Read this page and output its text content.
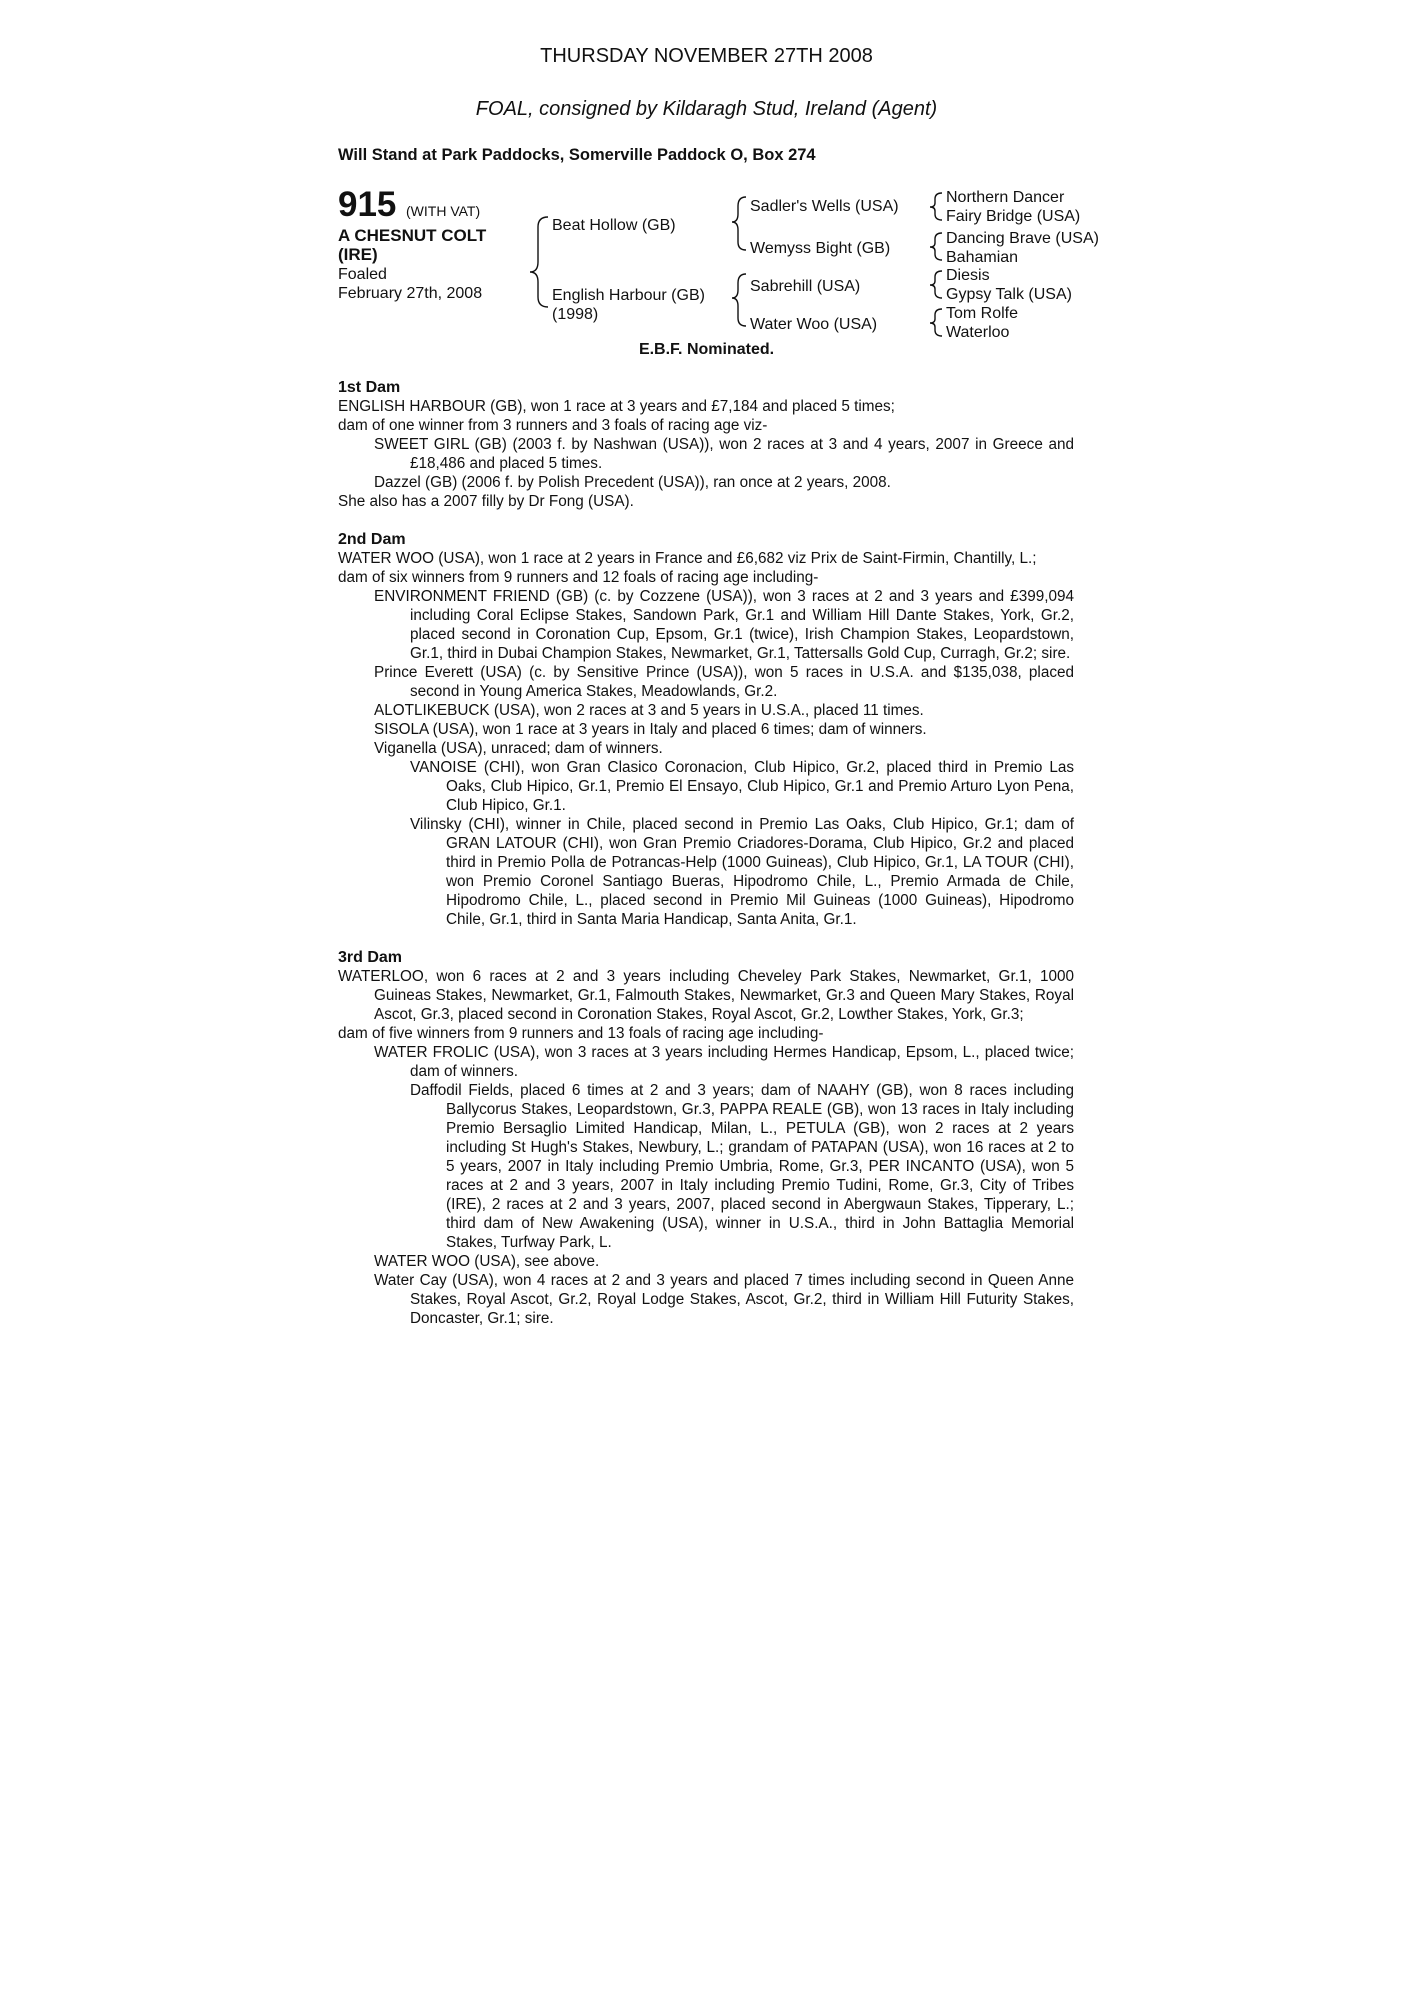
THURSDAY NOVEMBER 27TH 2008
FOAL, consigned by Kildaragh Stud, Ireland (Agent)
Will Stand at Park Paddocks, Somerville Paddock O, Box 274
915 (WITH VAT)
A CHESNUT COLT
(IRE)
Foaled
February 27th, 2008
Beat Hollow (GB)
English Harbour (GB)
(1998)
Sadler's Wells (USA)
Wemyss Bight (GB)
Sabrehill (USA)
Water Woo (USA)
Northern Dancer
Fairy Bridge (USA)
Dancing Brave (USA)
Bahamian
Diesis
Gypsy Talk (USA)
Tom Rolfe
Waterloo
E.B.F. Nominated.
1st Dam

ENGLISH HARBOUR (GB), won 1 race at 3 years and £7,184 and placed 5 times;

dam of one winner from 3 runners and 3 foals of racing age viz-

SWEET GIRL (GB) (2003 f. by Nashwan (USA)), won 2 races at 3 and 4 years, 2007 in Greece and £18,486 and placed 5 times.

Dazzel (GB) (2006 f. by Polish Precedent (USA)), ran once at 2 years, 2008.

She also has a 2007 filly by Dr Fong (USA).

2nd Dam

WATER WOO (USA), won 1 race at 2 years in France and £6,682 viz Prix de Saint-Firmin, Chantilly, L.;

dam of six winners from 9 runners and 12 foals of racing age including-

ENVIRONMENT FRIEND (GB) (c. by Cozzene (USA)), won 3 races at 2 and 3 years and £399,094 including Coral Eclipse Stakes, Sandown Park, Gr.1 and William Hill Dante Stakes, York, Gr.2, placed second in Coronation Cup, Epsom, Gr.1 (twice), Irish Champion Stakes, Leopardstown, Gr.1, third in Dubai Champion Stakes, Newmarket, Gr.1, Tattersalls Gold Cup, Curragh, Gr.2; sire.

Prince Everett (USA) (c. by Sensitive Prince (USA)), won 5 races in U.S.A. and $135,038, placed second in Young America Stakes, Meadowlands, Gr.2.

ALOTLIKEBUCK (USA), won 2 races at 3 and 5 years in U.S.A., placed 11 times.

SISOLA (USA), won 1 race at 3 years in Italy and placed 6 times; dam of winners.

Viganella (USA), unraced; dam of winners.

VANOISE (CHI), won Gran Clasico Coronacion, Club Hipico, Gr.2, placed third in Premio Las Oaks, Club Hipico, Gr.1, Premio El Ensayo, Club Hipico, Gr.1 and Premio Arturo Lyon Pena, Club Hipico, Gr.1.

Vilinsky (CHI), winner in Chile, placed second in Premio Las Oaks, Club Hipico, Gr.1; dam of GRAN LATOUR (CHI), won Gran Premio Criadores-Dorama, Club Hipico, Gr.2 and placed third in Premio Polla de Potrancas-Help (1000 Guineas), Club Hipico, Gr.1, LA TOUR (CHI), won Premio Coronel Santiago Bueras, Hipodromo Chile, L., Premio Armada de Chile, Hipodromo Chile, L., placed second in Premio Mil Guineas (1000 Guineas), Hipodromo Chile, Gr.1, third in Santa Maria Handicap, Santa Anita, Gr.1.

3rd Dam

WATERLOO, won 6 races at 2 and 3 years including Cheveley Park Stakes, Newmarket, Gr.1, 1000 Guineas Stakes, Newmarket, Gr.1, Falmouth Stakes, Newmarket, Gr.3 and Queen Mary Stakes, Royal Ascot, Gr.3, placed second in Coronation Stakes, Royal Ascot, Gr.2, Lowther Stakes, York, Gr.3;

dam of five winners from 9 runners and 13 foals of racing age including-

WATER FROLIC (USA), won 3 races at 3 years including Hermes Handicap, Epsom, L., placed twice; dam of winners.

Daffodil Fields, placed 6 times at 2 and 3 years; dam of NAAHY (GB), won 8 races including Ballycorus Stakes, Leopardstown, Gr.3, PAPPA REALE (GB), won 13 races in Italy including Premio Bersaglio Limited Handicap, Milan, L., PETULA (GB), won 2 races at 2 years including St Hugh's Stakes, Newbury, L.; grandam of PATAPAN (USA), won 16 races at 2 to 5 years, 2007 in Italy including Premio Umbria, Rome, Gr.3, PER INCANTO (USA), won 5 races at 2 and 3 years, 2007 in Italy including Premio Tudini, Rome, Gr.3, City of Tribes (IRE), 2 races at 2 and 3 years, 2007, placed second in Abergwaun Stakes, Tipperary, L.; third dam of New Awakening (USA), winner in U.S.A., third in John Battaglia Memorial Stakes, Turfway Park, L.

WATER WOO (USA), see above.

Water Cay (USA), won 4 races at 2 and 3 years and placed 7 times including second in Queen Anne Stakes, Royal Ascot, Gr.2, Royal Lodge Stakes, Ascot, Gr.2, third in William Hill Futurity Stakes, Doncaster, Gr.1; sire.
